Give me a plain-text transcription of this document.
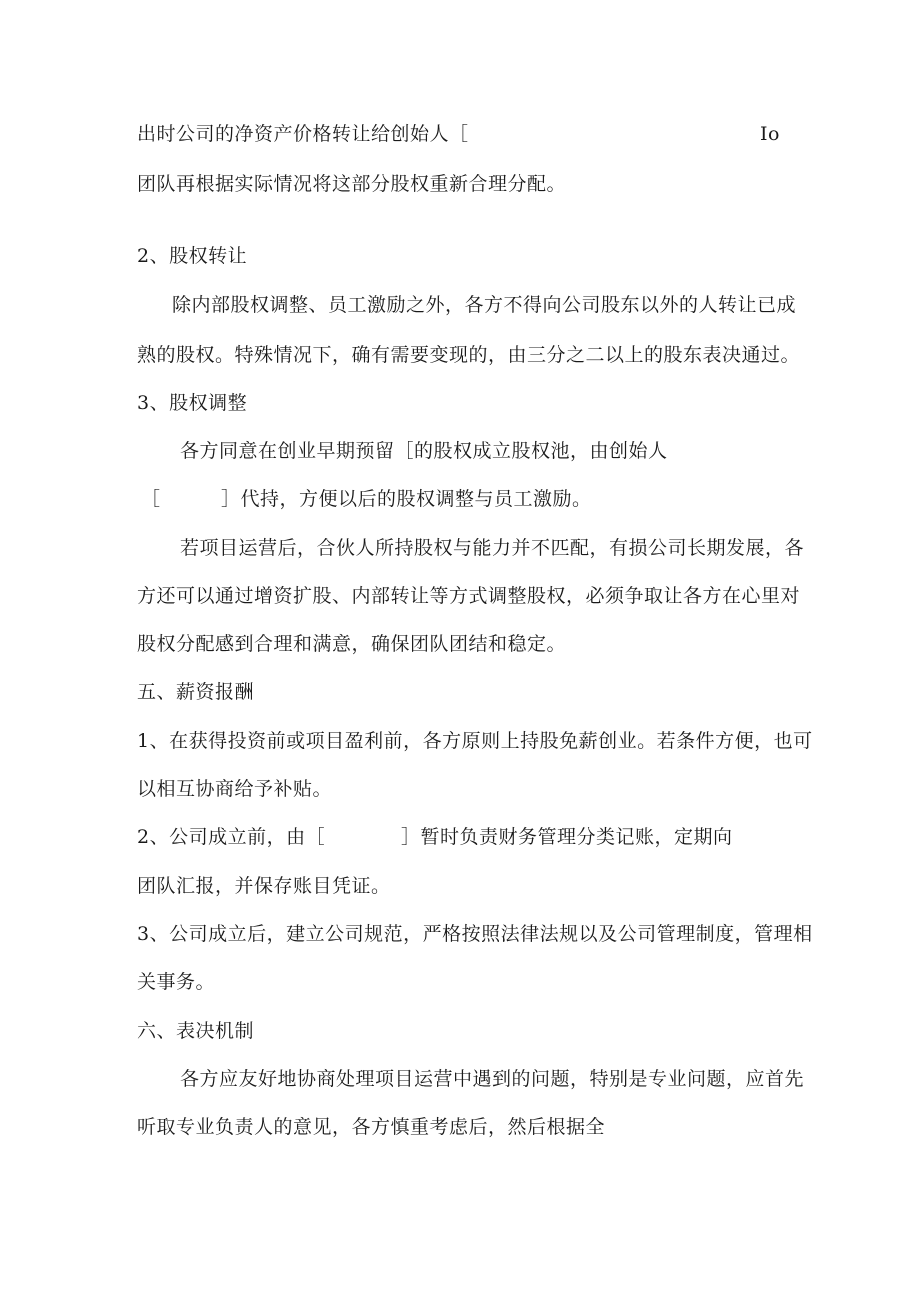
出时公司的净资产价格转让给创始人［

	Io

团队再根据实际情况将这部分股权重新合理分配。

2、股权转让

除内部股权调整、员工激励之外，各方不得向公司股东以外的人转让已成

熟的股权。特殊情况下，确有需要变现的，由三分之二以上的股东表决通过。

3、股权调整

各方同意在创业早期预留［的股权成立股权池，由创始人

［

	］代持，方便以后的股权调整与员工激励。

若项目运营后，合伙人所持股权与能力并不匹配，有损公司长期发展，各

方还可以通过增资扩股、内部转让等方式调整股权，必须争取让各方在心里对

股权分配感到合理和满意，确保团队团结和稳定。

五、薪资报酬

1、在获得投资前或项目盈利前，各方原则上持股免薪创业。若条件方便，也可

以相互协商给予补贴。

2、公司成立前，由［

	］暂时负责财务管理分类记账，定期向

团队汇报，并保存账目凭证。

3、公司成立后，建立公司规范，严格按照法律法规以及公司管理制度，管理相

关事务。

六、表决机制

各方应友好地协商处理项目运营中遇到的问题，特别是专业问题，应首先

听取专业负责人的意见，各方慎重考虑后，然后根据全
